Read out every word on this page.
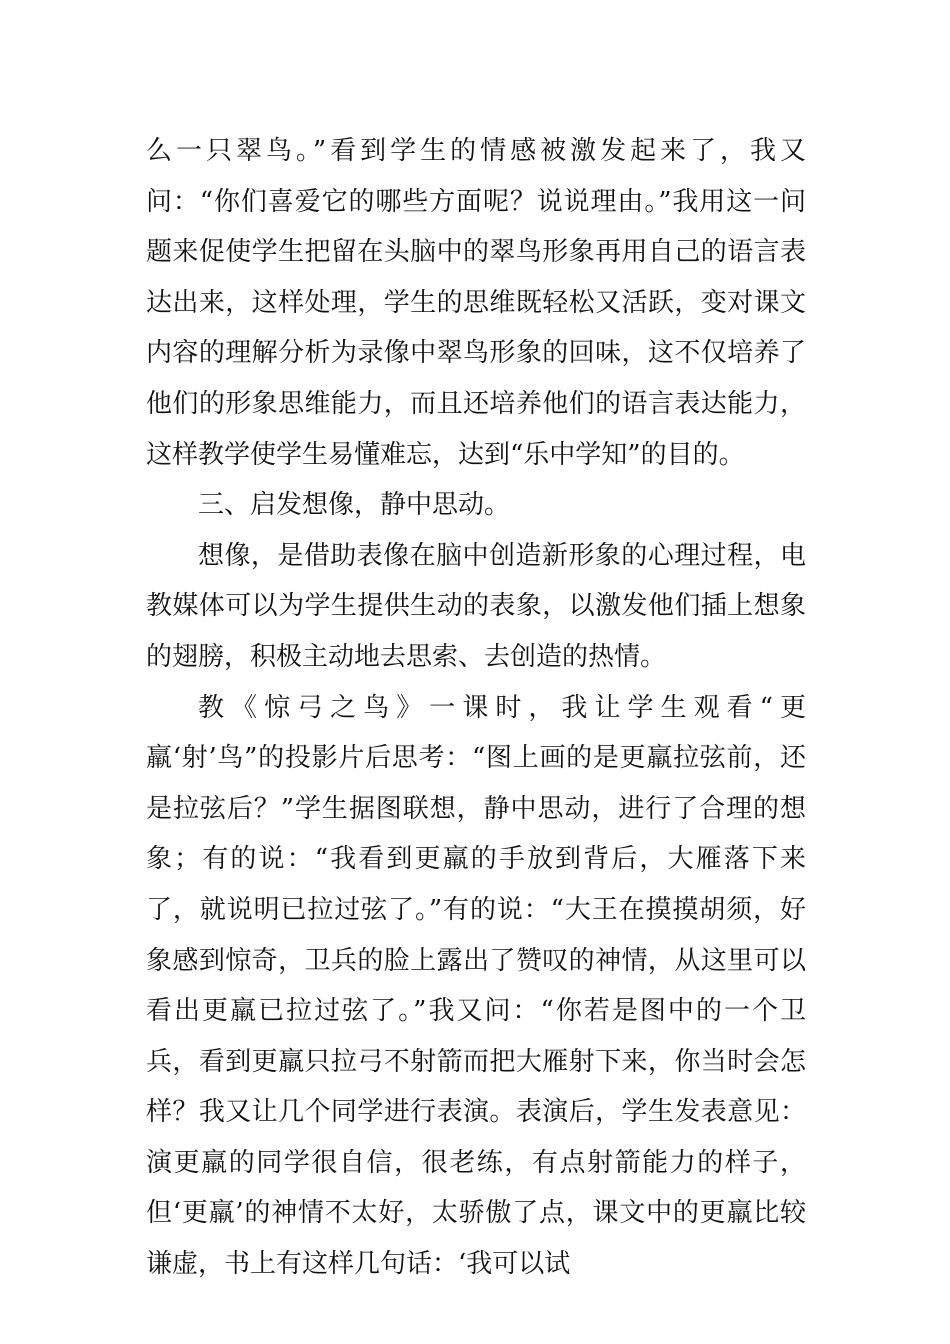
么一只翠鸟。”看到学生的情感被激发起来了，我又问：“你们喜爱它的哪些方面呢？说说理由。”我用这一问题来促使学生把留在头脑中的翠鸟形象再用自己的语言表达出来，这样处理，学生的思维既轻松又活跃，变对课文内容的理解分析为录像中翠鸟形象的回味，这不仅培养了他们的形象思维能力，而且还培养他们的语言表达能力，这样教学使学生易懂难忘，达到“乐中学知”的目的。

三、启发想像，静中思动。

想像，是借助表像在脑中创造新形象的心理过程，电教媒体可以为学生提供生动的表象，以激发他们插上想象的翅膀，积极主动地去思索、去创造的热情。

教《惊弓之鸟》一课时，我让学生观看“更羸‘射’鸟”的投影片后思考：“图上画的是更羸拉弦前，还是拉弦后？”学生据图联想，静中思动，进行了合理的想象；有的说：“我看到更羸的手放到背后，大雁落下来了，就说明已拉过弦了。”有的说：“大王在摸摸胡须，好象感到惊奇，卫兵的脸上露出了赞叹的神情，从这里可以看出更羸已拉过弦了。”我又问：“你若是图中的一个卫兵，看到更羸只拉弓不射箭而把大雁射下来，你当时会怎样？我又让几个同学进行表演。表演后，学生发表意见：演更羸的同学很自信，很老练，有点射箭能力的样子，但‘更羸’的神情不太好，太骄傲了点，课文中的更羸比较谦虚，书上有这样几句话：‘我可以试
